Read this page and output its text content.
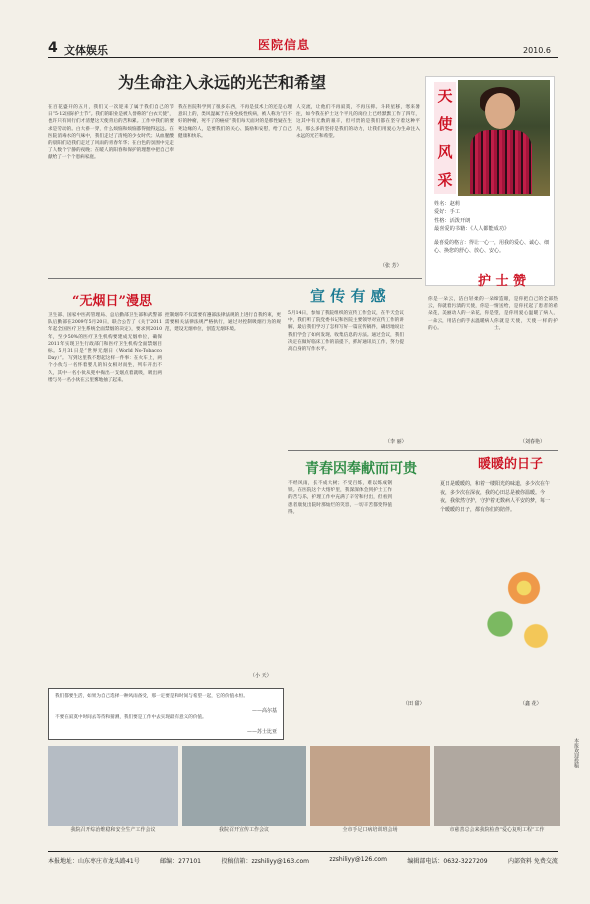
4 文体娱乐	医院信息	2010.6
为生命注入永远的光芒和希望
在百花盛开的五月，我们又一次迎来了属于我们自己的节日“5·12国际护士节”。我们的职业是被人誉称的“白衣天使”，也许只有同行们才清楚这天使背后的苦和累。工作中我们的要求是劳动的。白大褂一穿，什么烦恼和烦恼都得抛得远远。在医院消毒水的气味中，我们走过了清纯的少女时代；从血腥酸的晨阳们迈我们走过了风雨的青春年华；在白色的氛围中完走了人数个宁静的夜晚；在暖人的阳春和保护的理想中把自己奉献给了一个个患病家庭。
我在医院科学到了很多东西，不再是技术上的还是心理意识上的，类风湿属于在身免疫性疾病，被人称为“百不好的肿瘤，死不了的癌症”我们每天面对的是那性疑在生死边缘的人，是要我们的关心、鼓励和安慰，给了自己健康和快乐。
人交流，让他们不再寂寞，不再压抑。斗转星移，寒来暑往，如今我在护士这个平凡的岗位上已经默默工作了四年，这其中有无数的艰辛，但可贵的是我们都在坚守着这种平凡，那么多的坚持是我们的动力，让我们用爱心为生命注入永远的光芒和希望。
（张 芳）
天使风采
姓名：赵莉
爱好：手工
性格：活泼开朗
最喜爱的书籍：《人人都能成功》
最喜爱的格言：得让一心一，用我的爱心、诚心、细心、换您的舒心、放心、安心。
“无烟日”漫思
卫生部、国家中医药管理局、总后勤部卫生部和武警部队后勤部在2009年5月20日，联合公告了《关于2011年起全国医疗卫生系统全面禁烟的决定》，要求到2010年，至少50%的医疗卫生机构要建成无烟单位，确保2011年实现卫生行政部门和医疗卫生机构全面禁烟目标。5月31日是“世界无烟日（World No-Tobacco Day）”。 写到这里我不想起这样一件事：在火车上，两个小伙与一名怀着婴儿的妇女相对而坐，列车开出不久，其中一名小伙从兜中掏出一支烟点着就吸，吸出两缕与另一名小伙在云里雾地抽了起来。
控制烟草不仅需要有遵部法律法规的上进行自我约束，更需要相关法律法规严格执行，通过对控制吸烟行为的规范，建设无烟单位，创造无烟环境。
（小 天）
宣 传 有 感
5月14日，参加了我院组织的宣传工作会议，在半天会议中，我们听了院党委书记和医院主要领导对宣传工作的讲解，最后我们学习了怎样写好一篇宣传稿件，确切地说让我们学会了如何发现、收集信息的方法。通过会议，我们决定在做好临床工作的前提下，抓好通讯员工作，努力提高自身的写作水平。
（李 丽）
护 士 赞
你是一朵云，洁白轻柔的一朵云，你就着污渍的天使，你是一朵花，美丽动人的一朵花，你是一朵云，用洁白的手去温暖病人的心。
缔造眼，是你把自己的全部热情送给，是你托起了患者的希望，是你用爱心温暖了病人，你就是天使，天使一样的护士。
（刘春艳）
青春因奉献而可贵
不经风雨，长不成大树；不受百炼，难以炼成钢铁。在医院这个大熔炉里，我深深体会到护士工作的苦与乐，护理工作中充满了辛劳和付出，但看到患者康复出院时那灿烂的笑容，一切辛苦都变得值得。
（田 甜）
暖暖的日子
夏日是暖暖的，和着一缕阳光的味道，多少次在午夜，多少次在深夜，我的心田总是被你温暖。今夜，我依然守护，守护着无数病人平安的梦，每一个暖暖的日子，都有你们的陪伴。
（鑫 花）
我们都要生活，如果为自己选择一种风雨备受，那一定要是和时间与希望一起，它的价值永恒。
——高尔基
不要在寂寞中时间去等待和猜测，我们要是工作中去实现最有意义的价值。
——苏士比亚
我院召开综治维稳和安全生产工作会议	我院召开宣传工作会议	全市手足口病培训班会场	市慈善总会来我院检查“爱心复明工程”工作
本报欢迎投稿
本报地址：山东枣庄市龙头路41号	邮编：277101	投稿信箱：zzshiliyy@163.com	zzshiliyy@126.com	编辑部电话：0632-3227209	内部资料 免费交流
